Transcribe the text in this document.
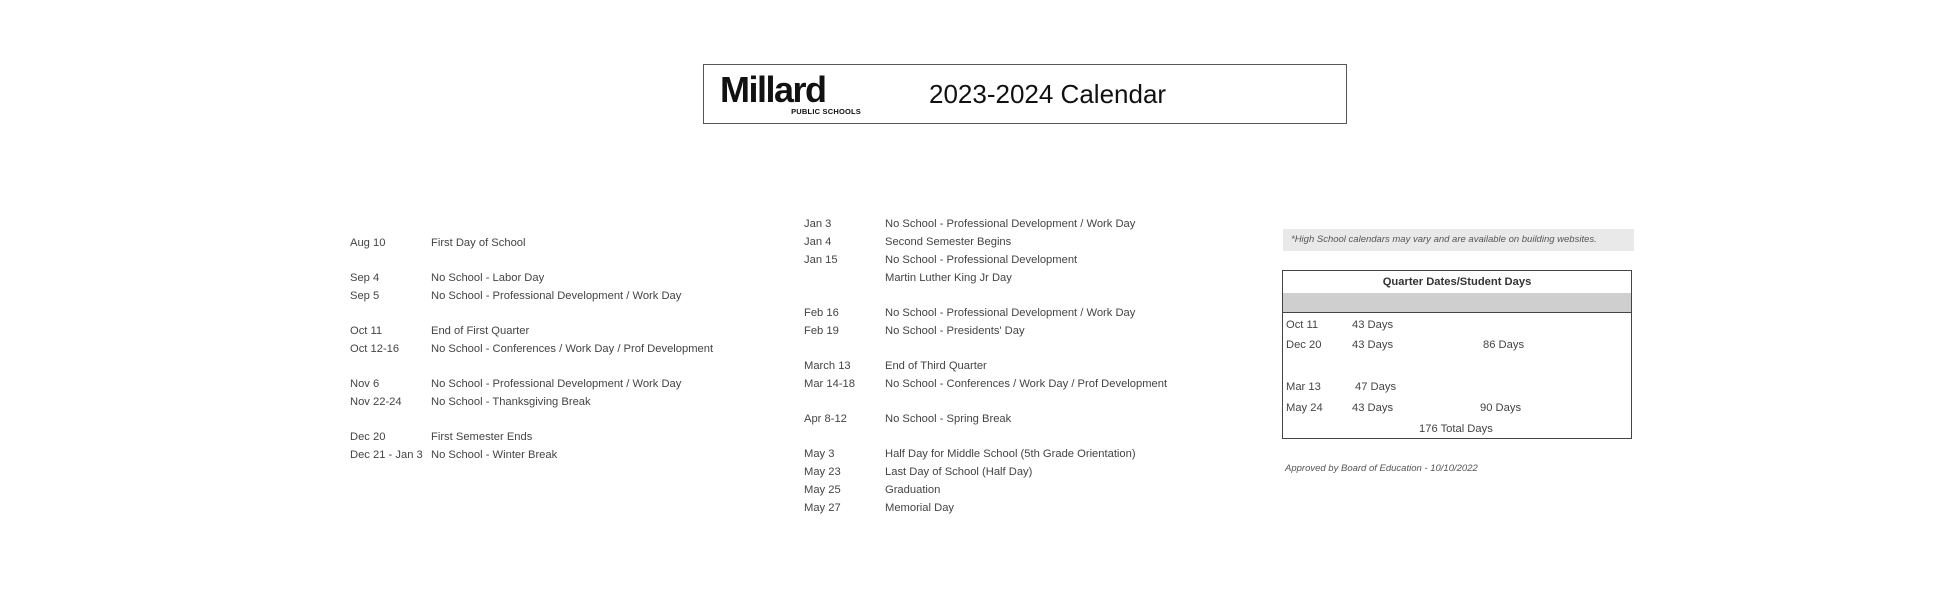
Millard
PUBLIC SCHOOLS
2023-2024 Calendar
Aug 10	First Day of School
Sep 4	No School - Labor Day
Sep 5	No School - Professional Development / Work Day
Oct 11	End of First Quarter
Oct 12-16	No School - Conferences / Work Day / Prof Development
Nov 6	No School - Professional Development / Work Day
Nov 22-24	No School - Thanksgiving Break
Dec 20	First Semester Ends
Dec 21 - Jan 3 No School - Winter Break
Jan 3	No School - Professional Development / Work Day
Jan 4	Second Semester Begins
Jan 15	No School - Professional Development
Martin Luther King Jr Day
Feb 16	No School - Professional Development / Work Day
Feb 19	No School - Presidents' Day
March 13	End of Third Quarter
Mar 14-18	No School - Conferences / Work Day / Prof Development
Apr 8-12	No School - Spring Break
May 3	Half Day for Middle School (5th Grade Orientation)
May 23	Last Day of School (Half Day)
May 25	Graduation
May 27	Memorial Day
*High School calendars may vary and are available on building websites.
Quarter Dates/Student Days
Oct 11	43 Days
Dec 20	43 Days	86 Days
Mar 13	47 Days
May 24	43 Days	90 Days
176 Total Days
Approved by Board of Education - 10/10/2022
